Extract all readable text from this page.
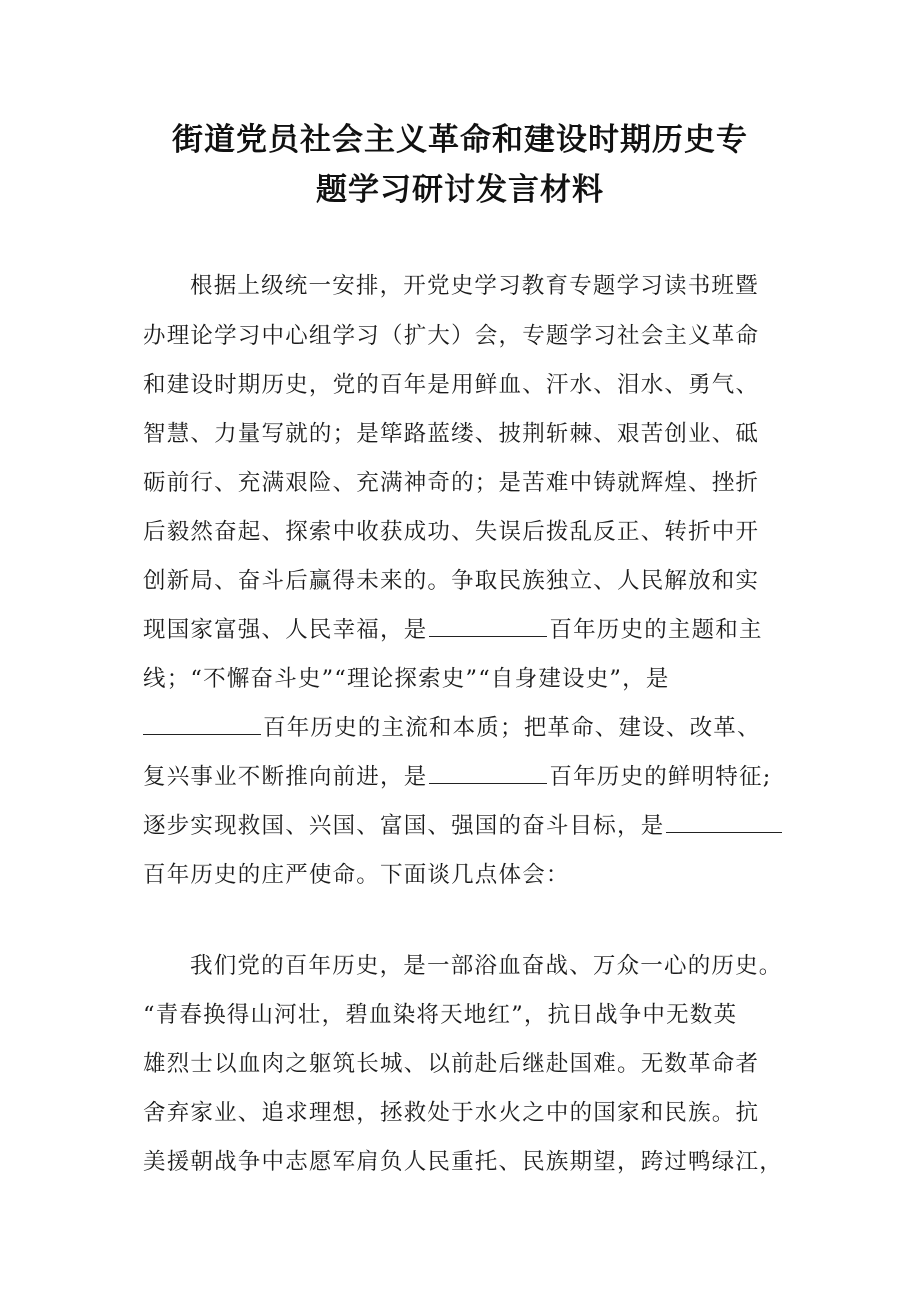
街道党员社会主义革命和建设时期历史专
题学习研讨发言材料
根据上级统一安排，开党史学习教育专题学习读书班暨
办理论学习中心组学习（扩大）会，专题学习社会主义革命
和建设时期历史，党的百年是用鲜血、汗水、泪水、勇气、
智慧、力量写就的；是筚路蓝缕、披荆斩棘、艰苦创业、砥
砺前行、充满艰险、充满神奇的；是苦难中铸就辉煌、挫折
后毅然奋起、探索中收获成功、失误后拨乱反正、转折中开
创新局、奋斗后赢得未来的。争取民族独立、人民解放和实
现国家富强、人民幸福，是	百年历史的主题和主
线；“不懈奋斗史”“理论探索史”“自身建设史”，是
百年历史的主流和本质；把革命、建设、改革、
复兴事业不断推向前进，是	百年历史的鲜明特征;
逐步实现救国、兴国、富国、强国的奋斗目标，是
百年历史的庄严使命。下面谈几点体会：
我们党的百年历史，是一部浴血奋战、万众一心的历史。
“青春换得山河壮，碧血染将天地红”，抗日战争中无数英
雄烈士以血肉之躯筑长城、以前赴后继赴国难。无数革命者
舍弃家业、追求理想，拯救处于水火之中的国家和民族。抗
美援朝战争中志愿军肩负人民重托、民族期望，跨过鸭绿江，
